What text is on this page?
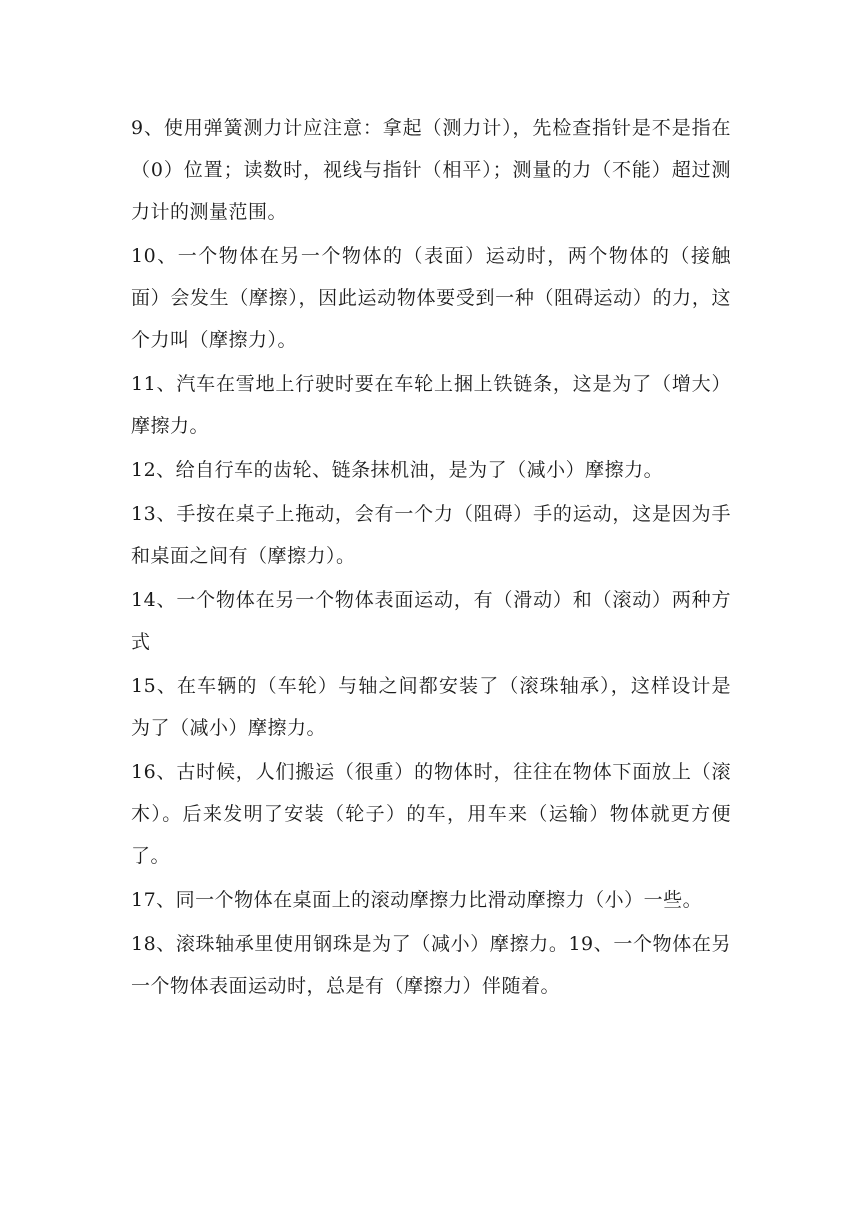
9、使用弹簧测力计应注意：拿起（测力计），先检查指针是不是指在（0）位置；读数时，视线与指针（相平）；测量的力（不能）超过测力计的测量范围。

10、一个物体在另一个物体的（表面）运动时，两个物体的（接触面）会发生（摩擦），因此运动物体要受到一种（阻碍运动）的力，这个力叫（摩擦力）。

11、汽车在雪地上行驶时要在车轮上捆上铁链条，这是为了（增大）摩擦力。

12、给自行车的齿轮、链条抹机油，是为了（减小）摩擦力。

13、手按在桌子上拖动，会有一个力（阻碍）手的运动，这是因为手和桌面之间有（摩擦力）。

14、一个物体在另一个物体表面运动，有（滑动）和（滚动）两种方式

15、在车辆的（车轮）与轴之间都安装了（滚珠轴承），这样设计是为了（减小）摩擦力。

16、古时候，人们搬运（很重）的物体时，往往在物体下面放上（滚木）。后来发明了安装（轮子）的车，用车来（运输）物体就更方便了。

17、同一个物体在桌面上的滚动摩擦力比滑动摩擦力（小）一些。

18、滚珠轴承里使用钢珠是为了（减小）摩擦力。19、一个物体在另一个物体表面运动时，总是有（摩擦力）伴随着。
